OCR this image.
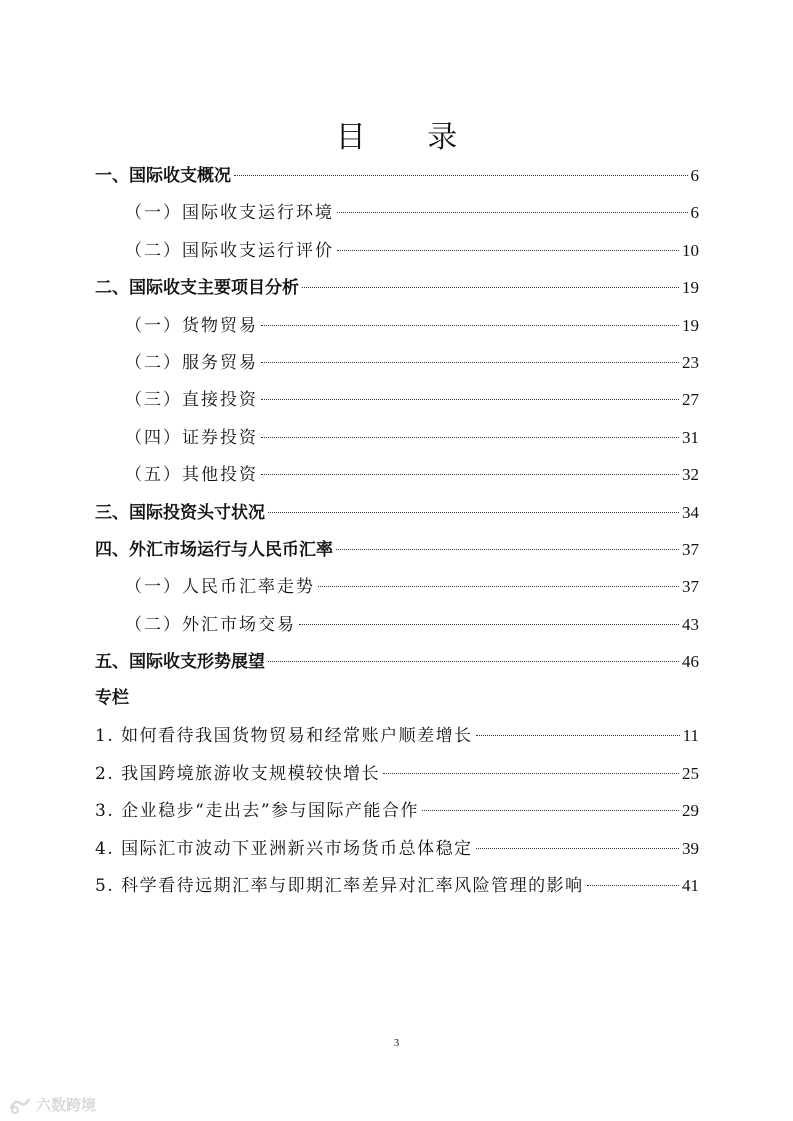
目 录
一、国际收支概况	6
（一）国际收支运行环境	6
（二）国际收支运行评价	10
二、国际收支主要项目分析	19
（一）货物贸易	19
（二）服务贸易	23
（三）直接投资	27
（四）证券投资	31
（五）其他投资	32
三、国际投资头寸状况	34
四、外汇市场运行与人民币汇率	37
（一）人民币汇率走势	37
（二）外汇市场交易	43
五、国际收支形势展望	46
专栏
1. 如何看待我国货物贸易和经常账户顺差增长	11
2. 我国跨境旅游收支规模较快增长	25
3. 企业稳步“走出去”参与国际产能合作	29
4. 国际汇市波动下亚洲新兴市场货币总体稳定	39
5. 科学看待远期汇率与即期汇率差异对汇率风险管理的影响	41
3
六数跨境
